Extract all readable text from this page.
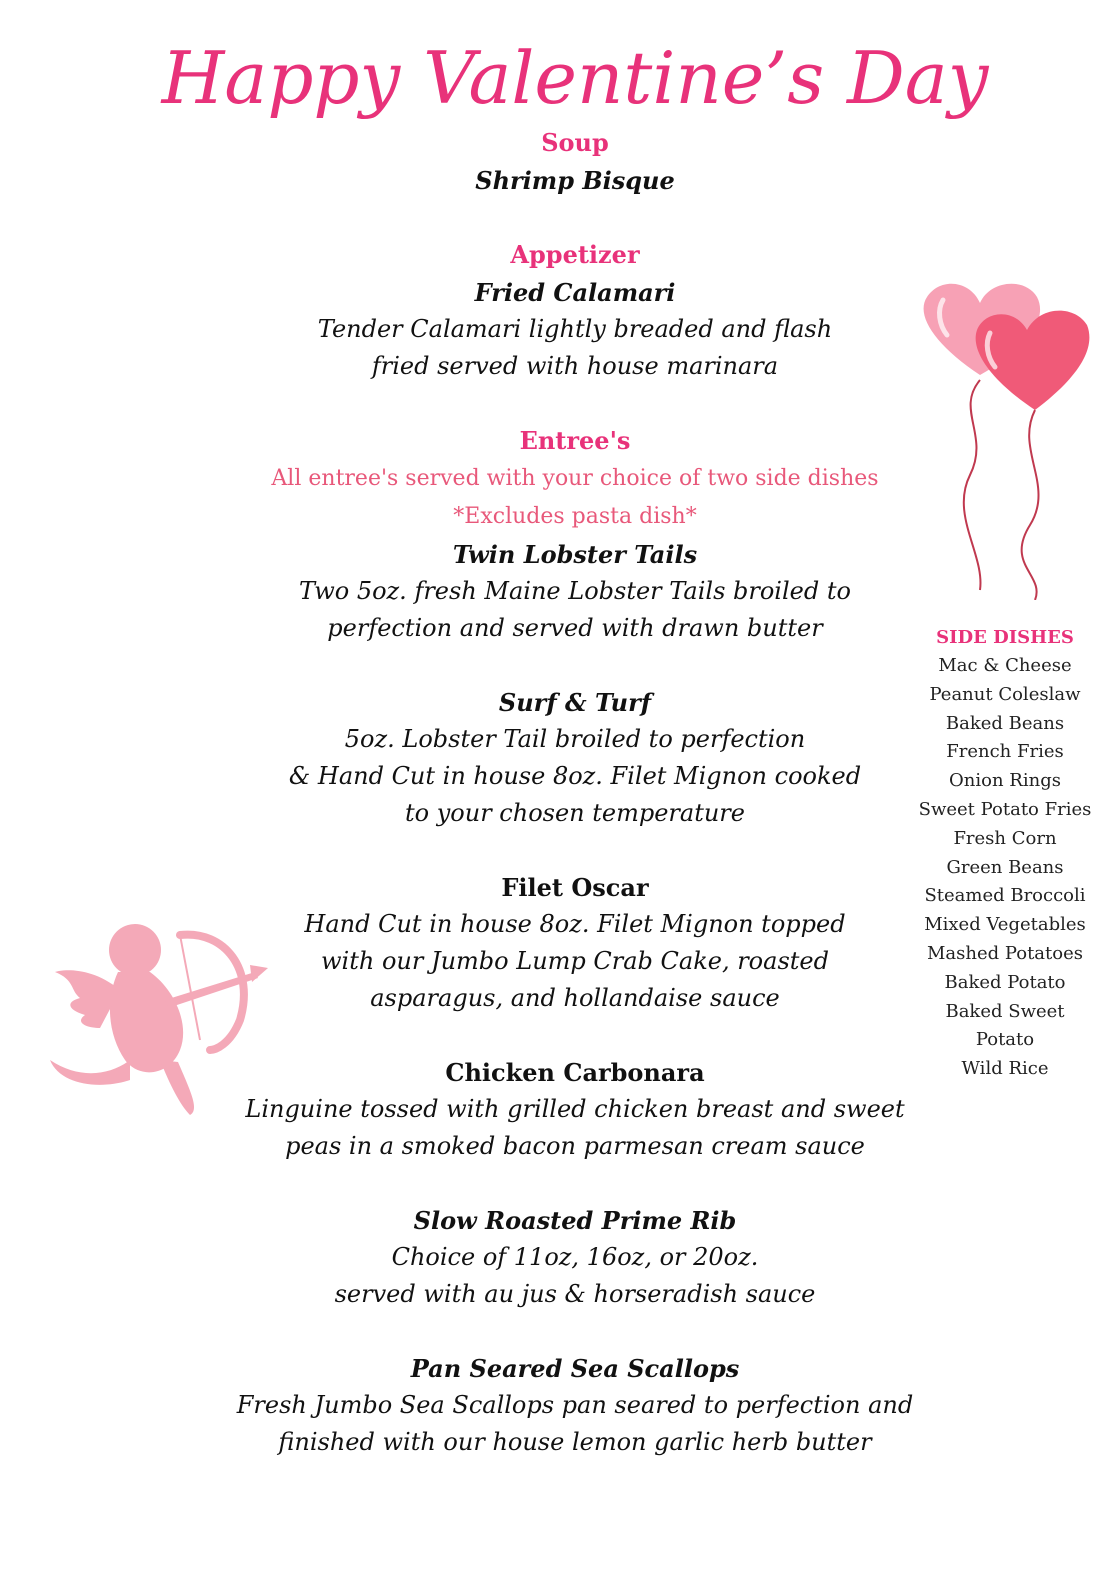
Happy Valentine’s Day
Soup
Shrimp Bisque
Appetizer
Fried Calamari
Tender Calamari lightly breaded and flash
fried served with house marinara
Entree's
All entree's served with your choice of two side dishes
*Excludes pasta dish*
Twin Lobster Tails
Two 5oz. fresh Maine Lobster Tails broiled to
perfection and served with drawn butter
Surf & Turf
5oz. Lobster Tail broiled to perfection
& Hand Cut in house 8oz. Filet Mignon cooked
to your chosen temperature
Filet Oscar
Hand Cut in house 8oz. Filet Mignon topped
with our Jumbo Lump Crab Cake, roasted
asparagus, and hollandaise sauce
Chicken Carbonara
Linguine tossed with grilled chicken breast and sweet
peas in a smoked bacon parmesan cream sauce
Slow Roasted Prime Rib
Choice of 11oz, 16oz, or 20oz.
served with au jus & horseradish sauce
Pan Seared Sea Scallops
Fresh Jumbo Sea Scallops pan seared to perfection and
finished with our house lemon garlic herb butter
SIDE DISHES
Mac & Cheese
Peanut Coleslaw
Baked Beans
French Fries
Onion Rings
Sweet Potato Fries
Fresh Corn
Green Beans
Steamed Broccoli
Mixed Vegetables
Mashed Potatoes
Baked Potato
Baked Sweet
Potato
Wild Rice
